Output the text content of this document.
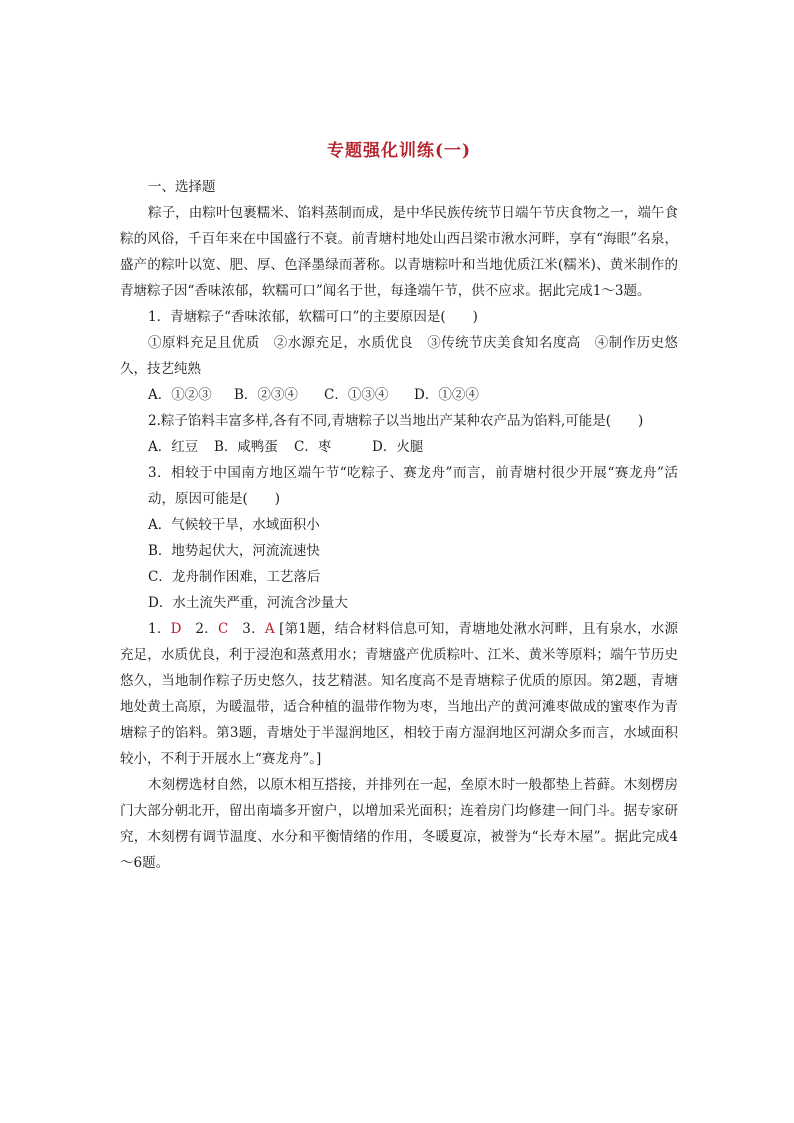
专题强化训练(一)
一、选择题

粽子，由粽叶包裹糯米、馅料蒸制而成，是中华民族传统节日端午节庆食物之一，端午食粽的风俗，千百年来在中国盛行不衰。前青塘村地处山西吕梁市湫水河畔，享有“海眼”名泉，盛产的粽叶以宽、肥、厚、色泽墨绿而著称。以青塘粽叶和当地优质江米(糯米)、黄米制作的青塘粽子因“香味浓郁，软糯可口”闻名于世，每逢端午节，供不应求。据此完成1～3题。

1．青塘粽子“香味浓郁，软糯可口”的主要原因是(　　)

①原料充足且优质　②水源充足，水质优良　③传统节庆美食知名度高　④制作历史悠久，技艺纯熟

A．①②③	B．②③④	C．①③④	D．①②④

2.粽子馅料丰富多样,各有不同,青塘粽子以当地出产某种农产品为馅料,可能是(　　)

A．红豆	B．咸鸭蛋	C．枣	D．火腿

3．相较于中国南方地区端午节“吃粽子、赛龙舟”而言，前青塘村很少开展“赛龙舟”活动，原因可能是(　　)

A．气候较干旱，水域面积小

B．地势起伏大，河流流速快

C．龙舟制作困难，工艺落后

D．水土流失严重，河流含沙量大

1．D　 2．C　 3．A [第1题，结合材料信息可知，青塘地处湫水河畔，且有泉水，水源充足，水质优良，利于浸泡和蒸煮用水；青塘盛产优质粽叶、江米、黄米等原料；端午节历史悠久，当地制作粽子历史悠久，技艺精湛。知名度高不是青塘粽子优质的原因。第2题，青塘地处黄土高原，为暖温带，适合种植的温带作物为枣，当地出产的黄河滩枣做成的蜜枣作为青塘粽子的馅料。第3题，青塘处于半湿润地区，相较于南方湿润地区河湖众多而言，水域面积较小，不利于开展水上“赛龙舟”。]

木刻楞选材自然，以原木相互搭接，并排列在一起，垒原木时一般都垫上苔藓。木刻楞房门大部分朝北开，留出南墙多开窗户，以增加采光面积；连着房门均修建一间门斗。据专家研究，木刻楞有调节温度、水分和平衡情绪的作用，冬暖夏凉，被誉为“长寿木屋”。据此完成4～6题。
